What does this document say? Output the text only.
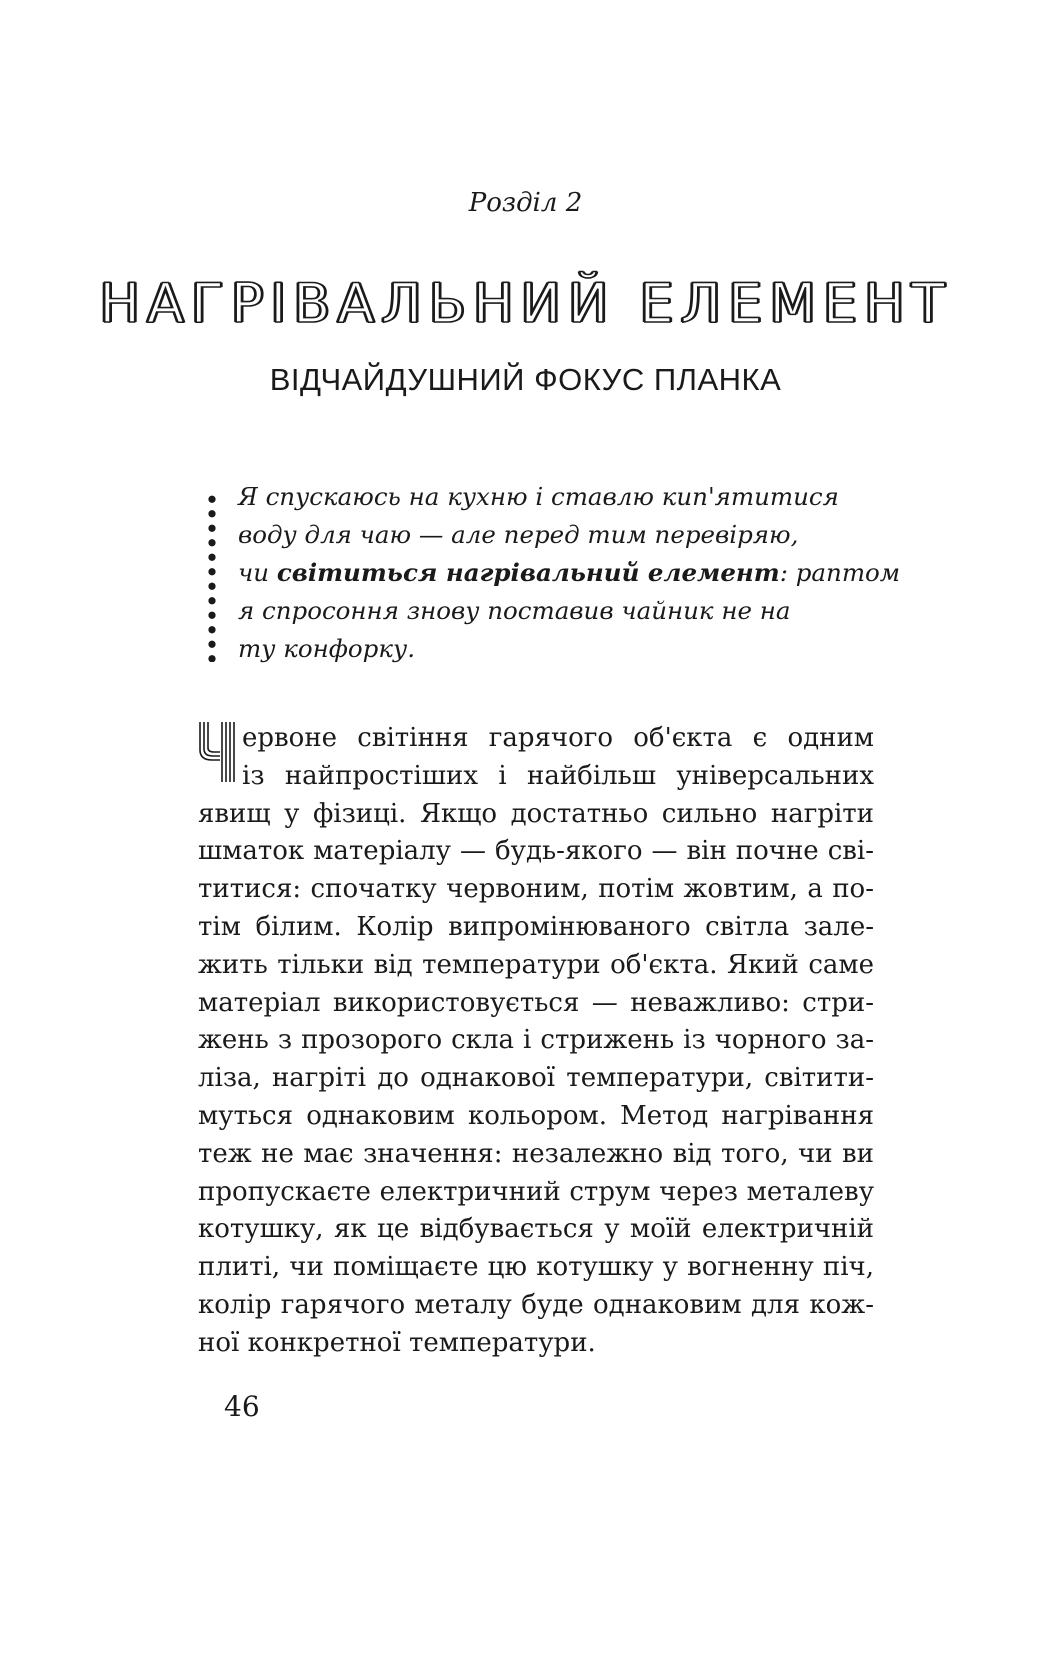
Розділ 2
НАГРІВАЛЬНИЙ ЕЛЕМЕНТ
ВІДЧАЙДУШНИЙ ФОКУС ПЛАНКА
Я спускаюсь на кухню і ставлю кип'ятитися
воду для чаю — але перед тим перевіряю,
чи світиться нагрівальний елемент: раптом
я спросоння знову поставив чайник не на
ту конфорку.
ервоне світіння гарячого об'єкта є одним
із найпростіших і найбільш універсальних
явищ у фізиці. Якщо достатньо сильно нагріти
шматок матеріалу — будь-якого — він почне сві-
титися: спочатку червоним, потім жовтим, а по-
тім білим. Колір випромінюваного світла зале-
жить тільки від температури об'єкта. Який саме
матеріал використовується — неважливо: стри-
жень з прозорого скла і стрижень із чорного за-
ліза, нагріті до однакової температури, світити-
муться однаковим кольором. Метод нагрівання
теж не має значення: незалежно від того, чи ви
пропускаєте електричний струм через металеву
котушку, як це відбувається у моїй електричній
плиті, чи поміщаєте цю котушку у вогненну піч,
колір гарячого металу буде однаковим для кож-
ної конкретної температури.
46
